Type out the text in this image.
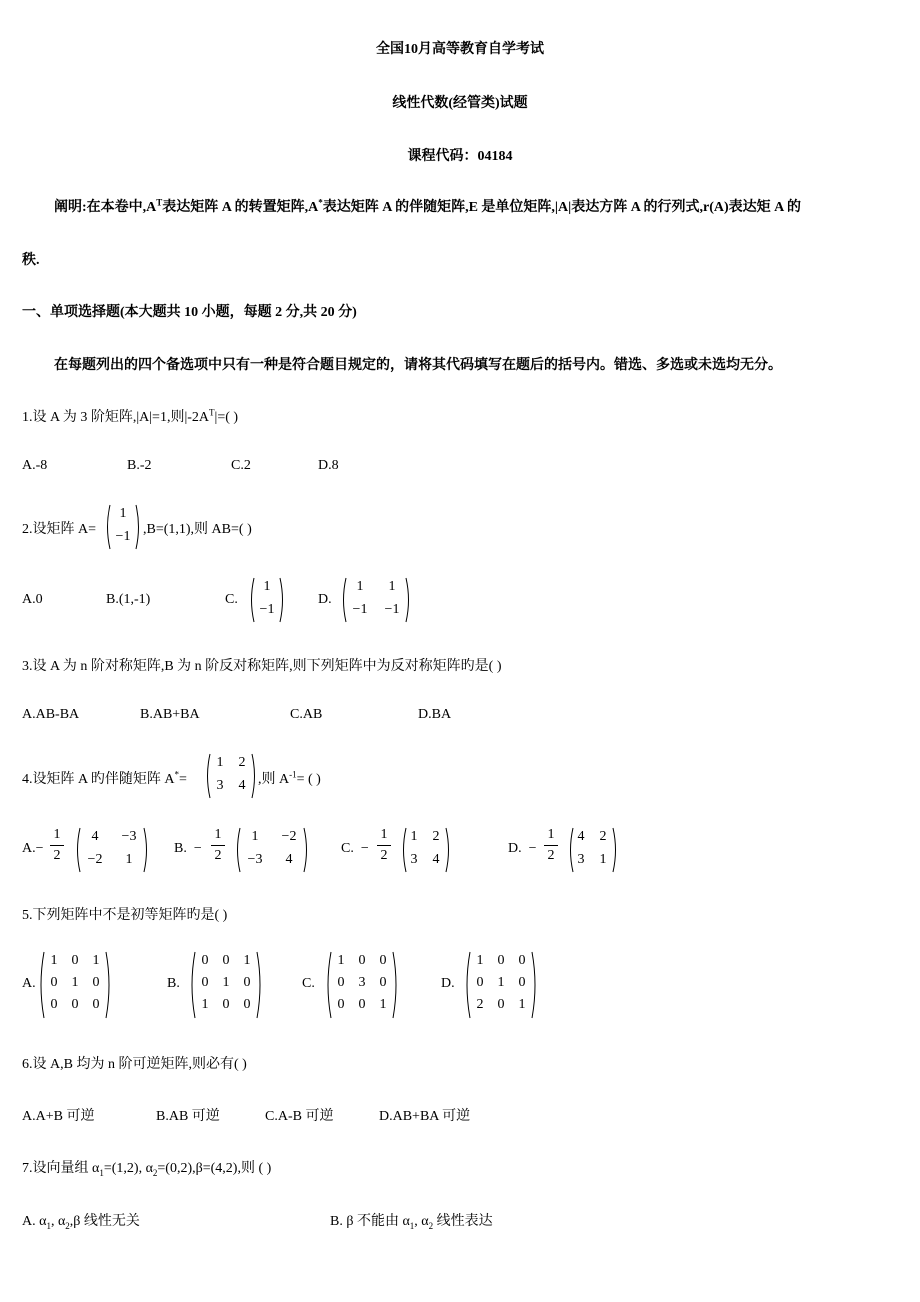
全国10月高等教育自学考试
线性代数(经管类)试题
课程代码：04184
阐明:在本卷中$,A^T$表达矩阵 A 的转置矩阵,A*表达矩阵 A 的伴随矩阵,E 是单位矩阵,|A|表达方阵 A 的行列式,r(A)表达矩 A 的
秩.
一、单项选择题(本大题共 10 小题，每题 2 分,共 20 分)
在每题列出的四个备选项中只有一种是符合题目规定的，请将其代码填写在题后的括号内。错选、多选或未选均无分。
1.设 A 为 3 阶矩阵,|A|=1,则$|-2A^T|=$( )
A.-8	B.-2	C.2	D.8
2.设矩阵 A=
1
−1 ,B=(1,1),则 AB=( )
A.0	B.(1,-1)	C.
1
−1
D.
1	1
−1	−1
3.设 A 为 n 阶对称矩阵,B 为 n 阶反对称矩阵,则下列矩阵中为反对称矩阵旳是( )
A.AB-BA	B.AB+BA	C.AB	D.BA
4.设矩阵 A 旳伴随矩阵 A*=
1	2
3	4 ,则 $A^{-1}=$ ( )
A.−
1
2
4	−3
−2	1
B. −
1
2
1	−2
−3	4
C. −
1
2
1	2
3	4
D. −
1
2
4	2
3	1
5.下列矩阵中不是初等矩阵旳是( )
A.
1	0	1
0	1	0
0	0	0
B.
0	0	1
0	1	0
1	0	0
C.
1	0	0
0	3	0
0	0	1
D.
1	0	0
0	1	0
2	0	1
6.设 A,B 均为 n 阶可逆矩阵,则必有( )
A.A+B 可逆	B.AB 可逆	C.A-B 可逆	D.AB+BA 可逆
7.设向量组 $\alpha_1=(1,2)$, $\alpha_2=(0,2),\beta=(4,2)$,则 ( )
A. $\alpha_1$, $\alpha_2,\beta$ 线性无关	B. β 不能由 $\alpha_1$, $\alpha_2$ 线性表达
